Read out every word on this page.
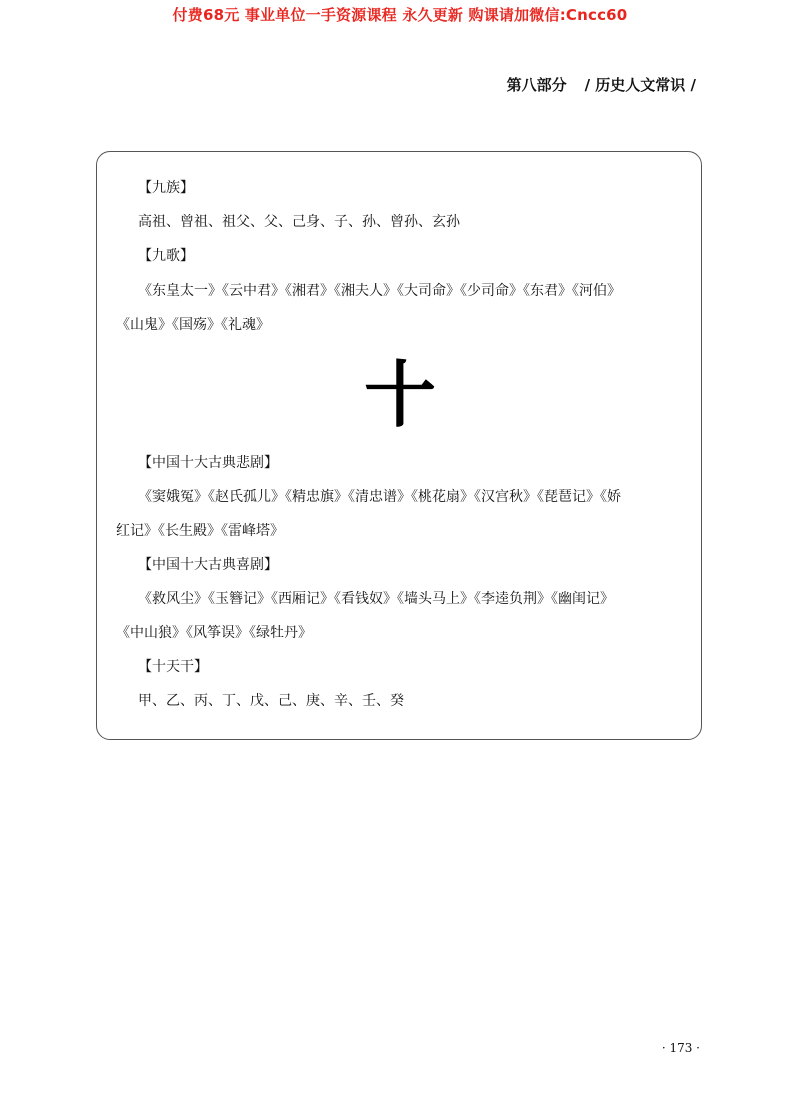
付费68元 事业单位一手资源课程 永久更新 购课请加微信:Cncc60
第八部分 / 历史人文常识 /
【九族】
高祖、曾祖、祖父、父、己身、子、孙、曾孙、玄孙
【九歌】
《东皇太一》《云中君》《湘君》《湘夫人》《大司命》《少司命》《东君》《河伯》
《山鬼》《国殇》《礼魂》
十
【中国十大古典悲剧】
《窦娥冤》《赵氏孤儿》《精忠旗》《清忠谱》《桃花扇》《汉宫秋》《琵琶记》《娇
红记》《长生殿》《雷峰塔》
【中国十大古典喜剧】
《救风尘》《玉簪记》《西厢记》《看钱奴》《墙头马上》《李逵负荆》《幽闺记》
《中山狼》《风筝误》《绿牡丹》
【十天干】
甲、乙、丙、丁、戊、己、庚、辛、壬、癸
· 173 ·
